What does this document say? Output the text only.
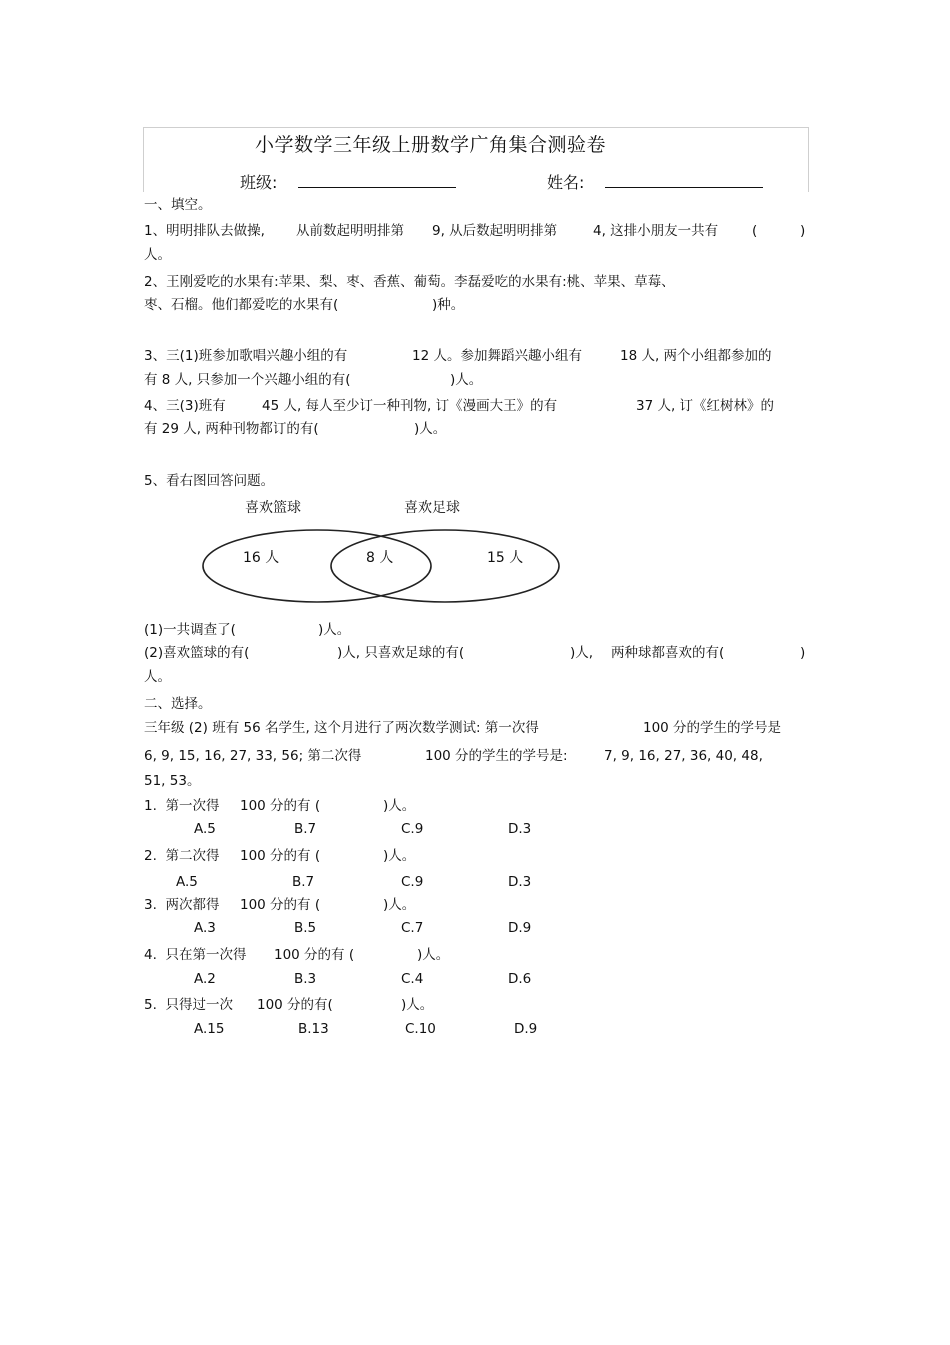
小学数学三年级上册数学广角集合测验卷
班级:	姓名:
一、填空。
1、明明排队去做操, 从前数起明明排第 9, 从后数起明明排第	4, 这排小朋友一共有	(	)
人。
2、王刚爱吃的水果有:苹果、梨、枣、香蕉、葡萄。李磊爱吃的水果有:桃、苹果、草莓、
枣、石榴。他们都爱吃的水果有(	)种。
3、三(1)班参加歌唱兴趣小组的有	12 人。参加舞蹈兴趣小组有	18 人, 两个小组都参加的
有 8 人, 只参加一个兴趣小组的有(	)人。
4、三(3)班有	45 人, 每人至少订一种刊物, 订《漫画大王》的有	37 人, 订《红树林》的
有 29 人, 两种刊物都订的有(	)人。
5、看右图回答问题。
喜欢篮球	喜欢足球
16 人	8 人	15 人
(1)一共调查了(	)人。
(2)喜欢篮球的有(	)人, 只喜欢足球的有(	)人, 两种球都喜欢的有(	)
人。
二、选择。
三年级 (2) 班有 56 名学生, 这个月进行了两次数学测试: 第一次得	100 分的学生的学号是
6, 9, 15, 16, 27, 33, 56; 第二次得	100 分的学生的学号是:	7, 9, 16, 27, 36, 40, 48,
51, 53。
1.  第一次得 100 分的有 (	)人。
A.5	B.7	C.9	D.3
2.  第二次得 100 分的有 (	)人。
A.5	B.7	C.9	D.3
3.  两次都得 100 分的有 (	)人。
A.3	B.5	C.7	D.9
4.  只在第一次得 100 分的有 (	)人。
A.2	B.3	C.4	D.6
5.  只得过一次 100 分的有(	)人。
A.15	B.13	C.10	D.9
